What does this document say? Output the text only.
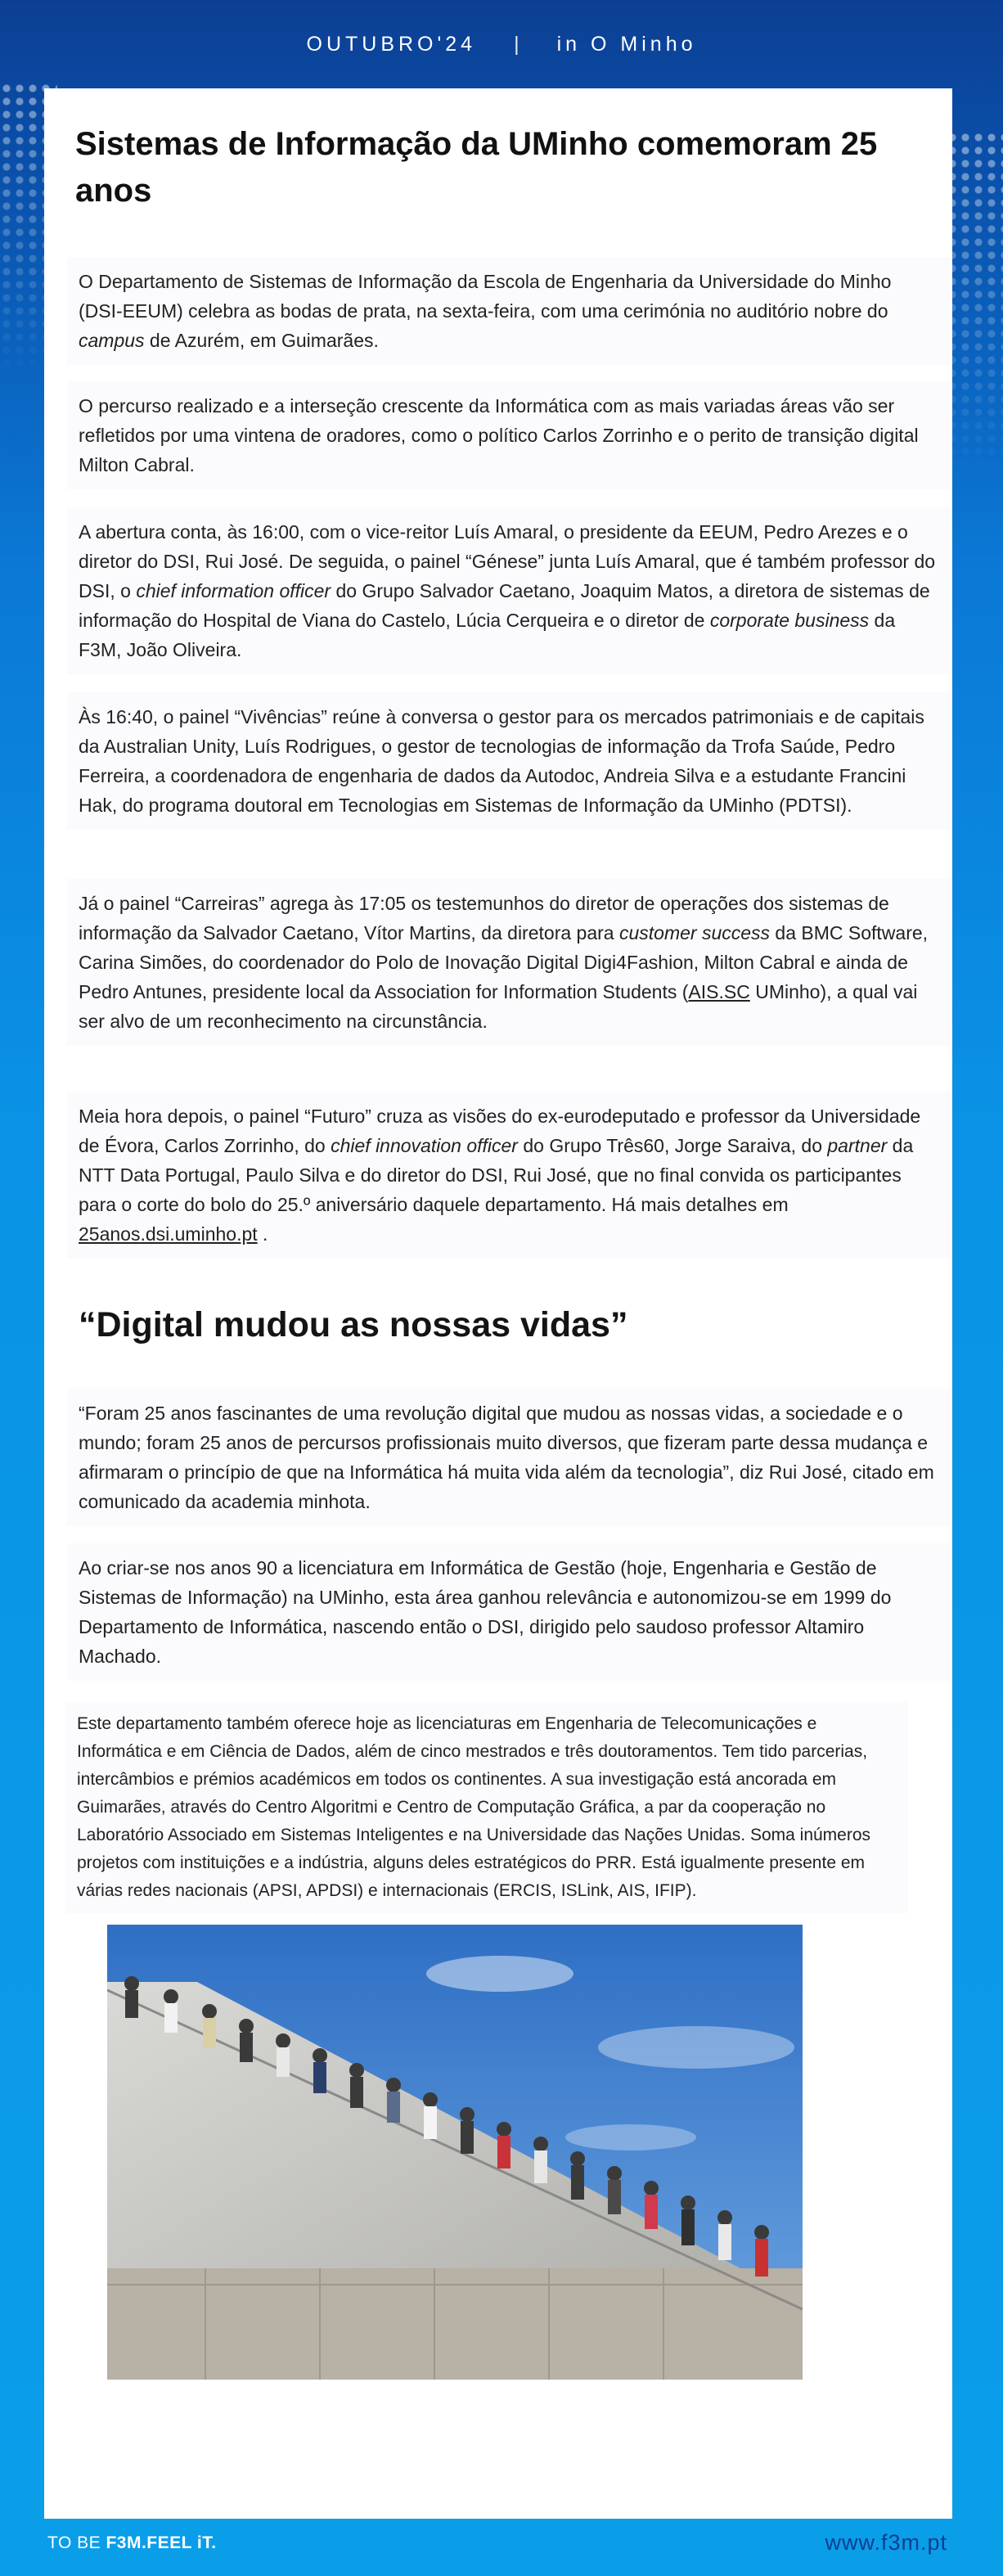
OUTUBRO'24 | in O Minho
Sistemas de Informação da UMinho comemoram 25 anos

O Departamento de Sistemas de Informação da Escola de Engenharia da Universidade do Minho (DSI-EEUM) celebra as bodas de prata, na sexta-feira, com uma cerimónia no auditório nobre do campus de Azurém, em Guimarães.

O percurso realizado e a interseção crescente da Informática com as mais variadas áreas vão ser refletidos por uma vintena de oradores, como o político Carlos Zorrinho e o perito de transição digital Milton Cabral.

A abertura conta, às 16:00, com o vice-reitor Luís Amaral, o presidente da EEUM, Pedro Arezes e o diretor do DSI, Rui José. De seguida, o painel “Génese” junta Luís Amaral, que é também professor do DSI, o chief information officer do Grupo Salvador Caetano, Joaquim Matos, a diretora de sistemas de informação do Hospital de Viana do Castelo, Lúcia Cerqueira e o diretor de corporate business da F3M, João Oliveira.

Às 16:40, o painel “Vivências” reúne à conversa o gestor para os mercados patrimoniais e de capitais da Australian Unity, Luís Rodrigues, o gestor de tecnologias de informação da Trofa Saúde, Pedro Ferreira, a coordenadora de engenharia de dados da Autodoc, Andreia Silva e a estudante Francini Hak, do programa doutoral em Tecnologias em Sistemas de Informação da UMinho (PDTSI).

Já o painel “Carreiras” agrega às 17:05 os testemunhos do diretor de operações dos sistemas de informação da Salvador Caetano, Vítor Martins, da diretora para customer success da BMC Software, Carina Simões, do coordenador do Polo de Inovação Digital Digi4Fashion, Milton Cabral e ainda de Pedro Antunes, presidente local da Association for Information Students (AIS.SC UMinho), a qual vai ser alvo de um reconhecimento na circunstância.

Meia hora depois, o painel “Futuro” cruza as visões do ex-eurodeputado e professor da Universidade de Évora, Carlos Zorrinho, do chief innovation officer do Grupo Três60, Jorge Saraiva, do partner da NTT Data Portugal, Paulo Silva e do diretor do DSI, Rui José, que no final convida os participantes para o corte do bolo do 25.º aniversário daquele departamento. Há mais detalhes em 25anos.dsi.uminho.pt .

“Digital mudou as nossas vidas”

“Foram 25 anos fascinantes de uma revolução digital que mudou as nossas vidas, a sociedade e o mundo; foram 25 anos de percursos profissionais muito diversos, que fizeram parte dessa mudança e afirmaram o princípio de que na Informática há muita vida além da tecnologia”, diz Rui José, citado em comunicado da academia minhota.

Ao criar-se nos anos 90 a licenciatura em Informática de Gestão (hoje, Engenharia e Gestão de Sistemas de Informação) na UMinho, esta área ganhou relevância e autonomizou-se em 1999 do Departamento de Informática, nascendo então o DSI, dirigido pelo saudoso professor Altamiro Machado.

Este departamento também oferece hoje as licenciaturas em Engenharia de Telecomunicações e Informática e em Ciência de Dados, além de cinco mestrados e três doutoramentos. Tem tido parcerias, intercâmbios e prémios académicos em todos os continentes. A sua investigação está ancorada em Guimarães, através do Centro Algoritmi e Centro de Computação Gráfica, a par da cooperação no Laboratório Associado em Sistemas Inteligentes e na Universidade das Nações Unidas. Soma inúmeros projetos com instituições e a indústria, alguns deles estratégicos do PRR. Está igualmente presente em várias redes nacionais (APSI, APDSI) e internacionais (ERCIS, ISLink, AIS, IFIP).

TO BE F3M.FEEL iT.	www.f3m.pt
